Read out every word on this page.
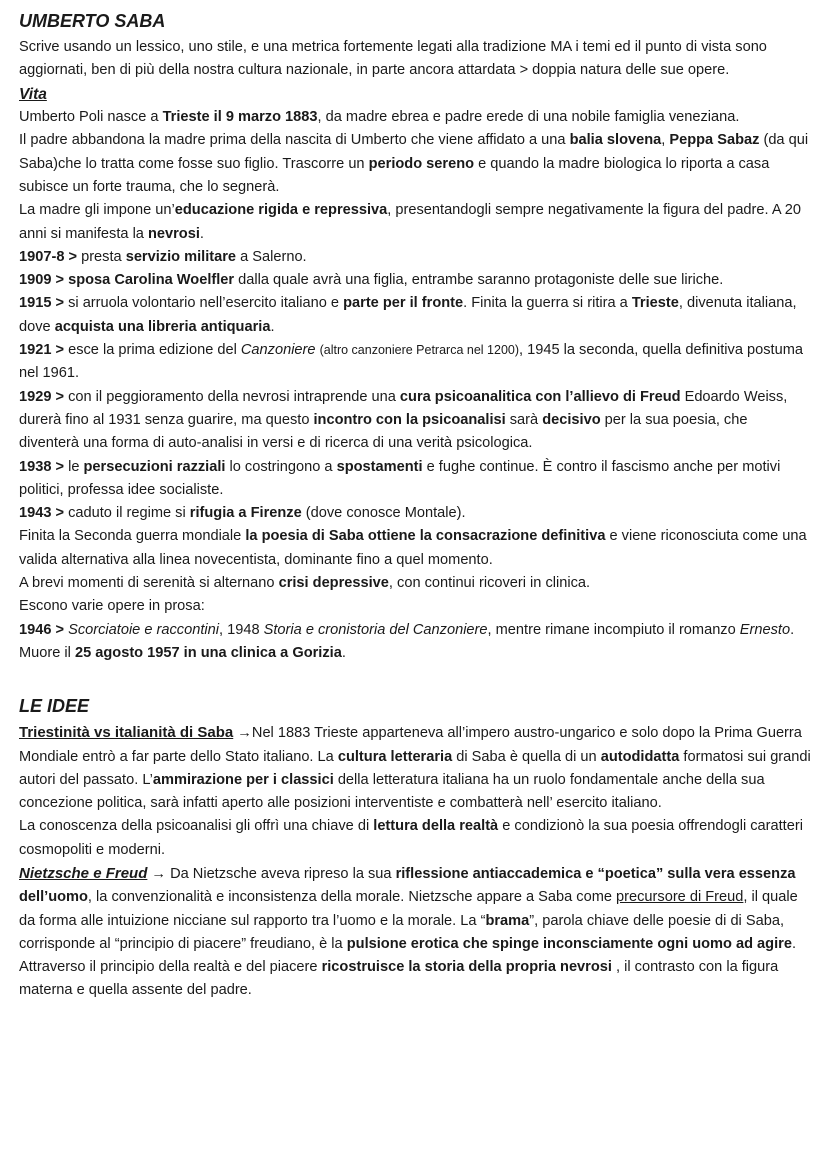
UMBERTO SABA

Scrive usando un lessico, uno stile, e una metrica fortemente legati alla tradizione MA i temi ed il punto di vista sono aggiornati, ben di più della nostra cultura nazionale, in parte ancora attardata > doppia natura delle sue opere.

Vita

Umberto Poli nasce a Trieste il 9 marzo 1883, da madre ebrea e padre erede di una nobile famiglia veneziana.

Il padre abbandona la madre prima della nascita di Umberto che viene affidato a una balia slovena, Peppa Sabaz (da qui Saba)che lo tratta come fosse suo figlio. Trascorre un periodo sereno e quando la madre biologica lo riporta a casa subisce un forte trauma, che lo segnerà.

La madre gli impone un’educazione rigida e repressiva, presentandogli sempre negativamente la figura del padre. A 20 anni si manifesta la nevrosi.

1907-8 > presta servizio militare a Salerno.

1909 > sposa Carolina Woelfler dalla quale avrà una figlia, entrambe saranno protagoniste delle sue liriche.

1915 > si arruola volontario nell’esercito italiano e parte per il fronte. Finita la guerra si ritira a Trieste, divenuta italiana, dove acquista una libreria antiquaria.

1921 > esce la prima edizione del Canzoniere (altro canzoniere Petrarca nel 1200), 1945 la seconda, quella definitiva postuma nel 1961.

1929 > con il peggioramento della nevrosi intraprende una cura psicoanalitica con l’allievo di Freud Edoardo Weiss, durerà fino al 1931 senza guarire, ma questo incontro con la psicoanalisi sarà decisivo per la sua poesia, che diventerà una forma di auto-analisi in versi e di ricerca di una verità psicologica.

1938 > le persecuzioni razziali lo costringono a spostamenti e fughe continue. È contro il fascismo anche per motivi politici, professa idee socialiste.

1943 > caduto il regime si rifugia a Firenze (dove conosce Montale).

Finita la Seconda guerra mondiale la poesia di Saba ottiene la consacrazione definitiva e viene riconosciuta come una valida alternativa alla linea novecentista, dominante fino a quel momento.

A brevi momenti di serenità si alternano crisi depressive, con continui ricoveri in clinica.

Escono varie opere in prosa:

1946 > Scorciatoie e raccontini, 1948 Storia e cronistoria del Canzoniere, mentre rimane incompiuto il romanzo Ernesto.

Muore il 25 agosto 1957 in una clinica a Gorizia.

LE IDEE

Triestinità vs italianità di Saba →Nel 1883 Trieste apparteneva all’impero austro-ungarico e solo dopo la Prima Guerra Mondiale entrò a far parte dello Stato italiano. La cultura letteraria di Saba è quella di un autodidatta formatosi sui grandi autori del passato. L’ammirazione per i classici della letteratura italiana ha un ruolo fondamentale anche della sua concezione politica, sarà infatti aperto alle posizioni interventiste e combatterà nell’ esercito italiano.

La conoscenza della psicoanalisi gli offrì una chiave di lettura della realtà e condizionò la sua poesia offrendogli caratteri cosmopoliti e moderni.

Nietzsche e Freud → Da Nietzsche aveva ripreso la sua riflessione antiaccademica e “poetica” sulla vera essenza dell’uomo, la convenzionalità e inconsistenza della morale. Nietzsche appare a Saba come precursore di Freud, il quale da forma alle intuizione nicciane sul rapporto tra l’uomo e la morale. La “brama”, parola chiave delle poesie di di Saba, corrisponde al “principio di piacere” freudiano, è la pulsione erotica che spinge inconsciamente ogni uomo ad agire. Attraverso il principio della realtà e del piacere ricostruisce la storia della propria nevrosi , il contrasto con la figura materna e quella assente del padre.
